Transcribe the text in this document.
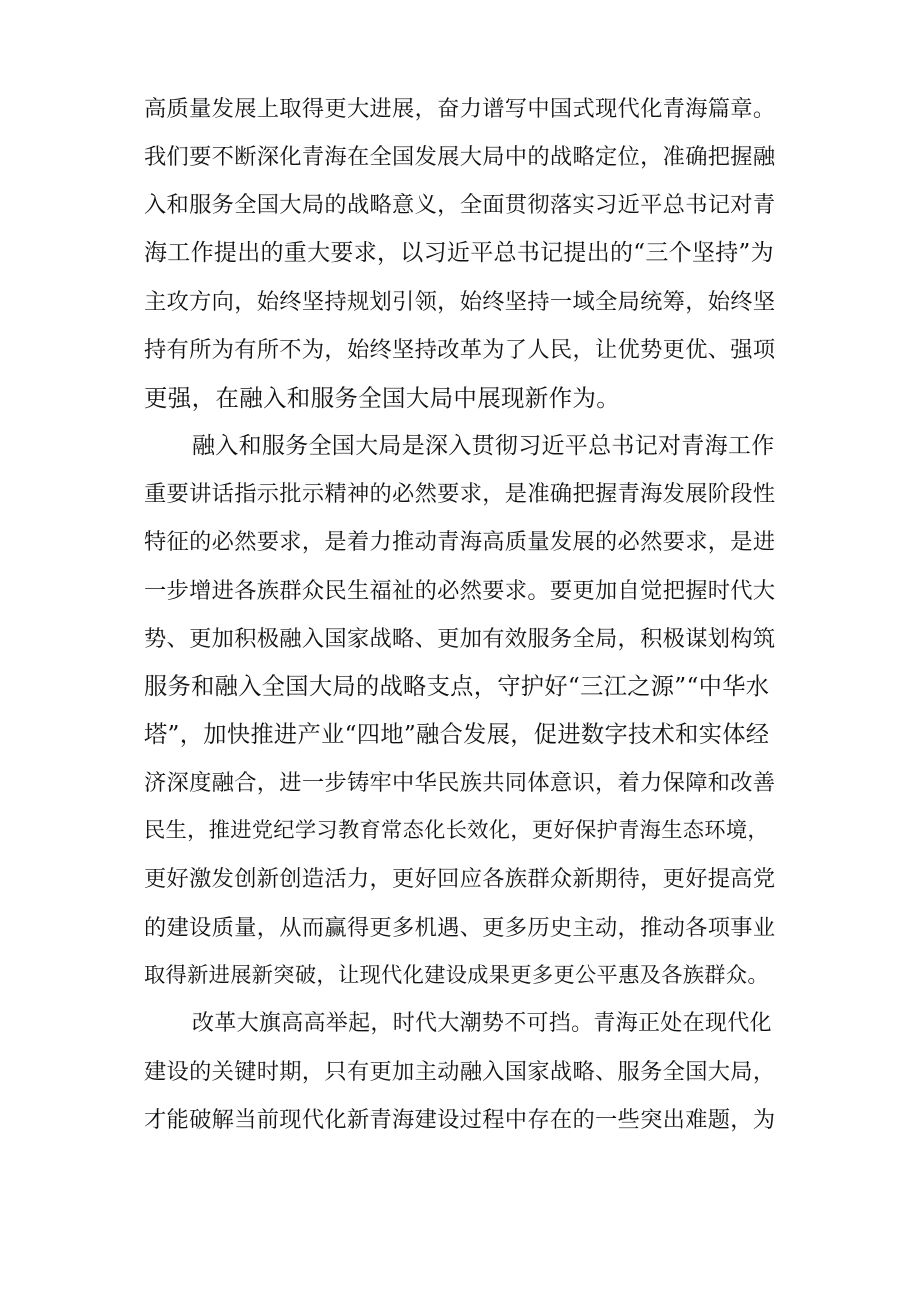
高质量发展上取得更大进展，奋力谱写中国式现代化青海篇章。
我们要不断深化青海在全国发展大局中的战略定位，准确把握融
入和服务全国大局的战略意义，全面贯彻落实习近平总书记对青
海工作提出的重大要求，以习近平总书记提出的“三个坚持”为
主攻方向，始终坚持规划引领，始终坚持一域全局统筹，始终坚
持有所为有所不为，始终坚持改革为了人民，让优势更优、强项
更强，在融入和服务全国大局中展现新作为。
融入和服务全国大局是深入贯彻习近平总书记对青海工作
重要讲话指示批示精神的必然要求，是准确把握青海发展阶段性
特征的必然要求，是着力推动青海高质量发展的必然要求，是进
一步增进各族群众民生福祉的必然要求。要更加自觉把握时代大
势、更加积极融入国家战略、更加有效服务全局，积极谋划构筑
服务和融入全国大局的战略支点，守护好“三江之源”“中华水
塔”，加快推进产业“四地”融合发展，促进数字技术和实体经
济深度融合，进一步铸牢中华民族共同体意识，着力保障和改善
民生，推进党纪学习教育常态化长效化，更好保护青海生态环境，
更好激发创新创造活力，更好回应各族群众新期待，更好提高党
的建设质量，从而赢得更多机遇、更多历史主动，推动各项事业
取得新进展新突破，让现代化建设成果更多更公平惠及各族群众。
改革大旗高高举起，时代大潮势不可挡。青海正处在现代化
建设的关键时期，只有更加主动融入国家战略、服务全国大局，
才能破解当前现代化新青海建设过程中存在的一些突出难题，为
